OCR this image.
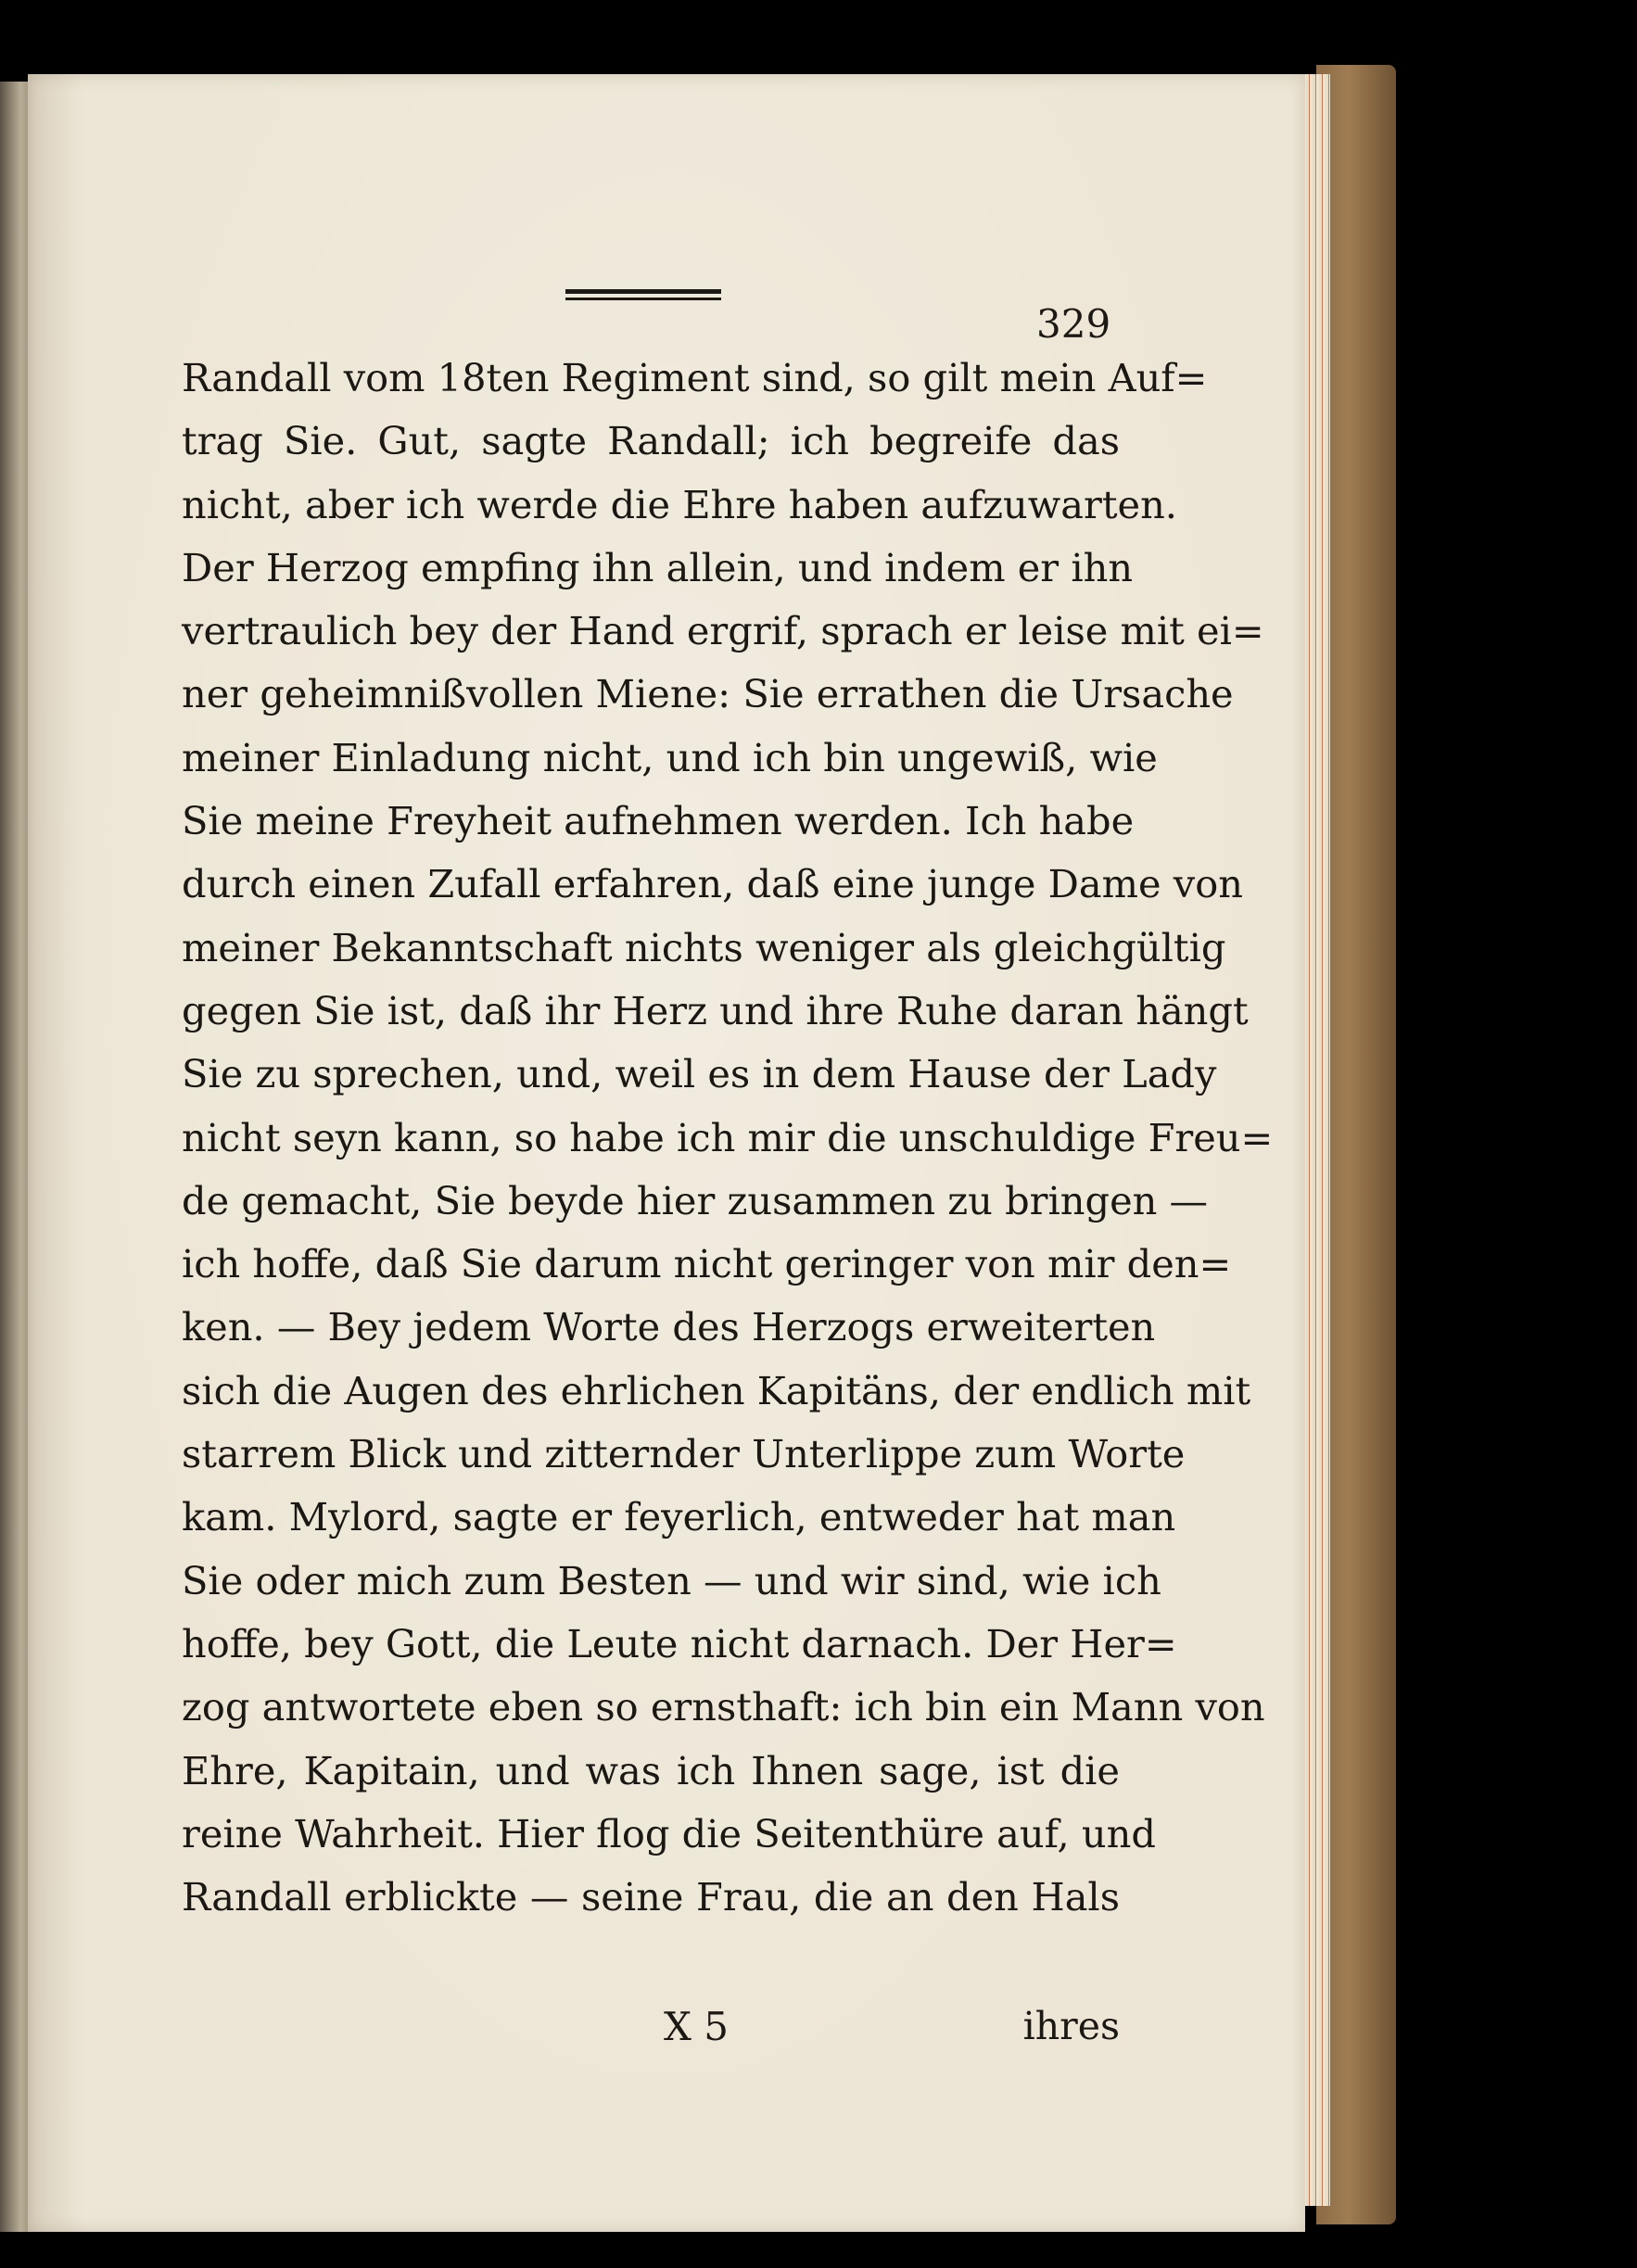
329
Randall vom 18ten Regiment sind, so gilt mein Auf=
trag Sie. Gut, sagte Randall; ich begreife das
nicht, aber ich werde die Ehre haben aufzuwarten.
Der Herzog empfing ihn allein, und indem er ihn
vertraulich bey der Hand ergrif, sprach er leise mit ei=
ner geheimnißvollen Miene: Sie errathen die Ursache
meiner Einladung nicht, und ich bin ungewiß, wie
Sie meine Freyheit aufnehmen werden. Ich habe
durch einen Zufall erfahren, daß eine junge Dame von
meiner Bekanntschaft nichts weniger als gleichgültig
gegen Sie ist, daß ihr Herz und ihre Ruhe daran hängt
Sie zu sprechen, und, weil es in dem Hause der Lady
nicht seyn kann, so habe ich mir die unschuldige Freu=
de gemacht, Sie beyde hier zusammen zu bringen —
ich hoffe, daß Sie darum nicht geringer von mir den=
ken. — Bey jedem Worte des Herzogs erweiterten
sich die Augen des ehrlichen Kapitäns, der endlich mit
starrem Blick und zitternder Unterlippe zum Worte
kam. Mylord, sagte er feyerlich, entweder hat man
Sie oder mich zum Besten — und wir sind, wie ich
hoffe, bey Gott, die Leute nicht darnach. Der Her=
zog antwortete eben so ernsthaft: ich bin ein Mann von
Ehre, Kapitain, und was ich Ihnen sage, ist die
reine Wahrheit. Hier flog die Seitenthüre auf, und
Randall erblickte — seine Frau, die an den Hals
X 5	ihres
